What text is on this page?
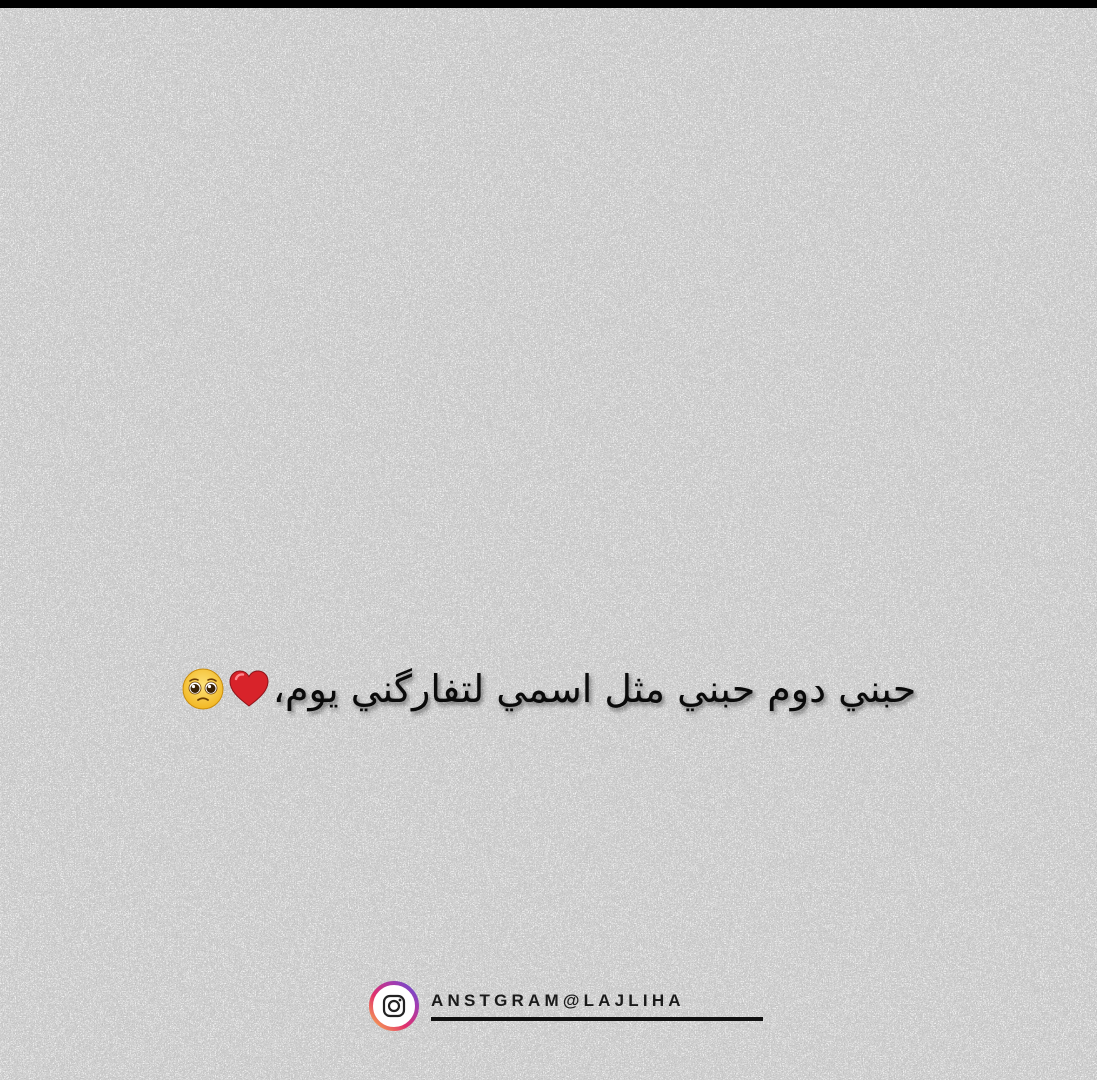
حبني دوم حبني مثل اسمي لتفارگني يوم،
ANSTGRAM@LAJLIHA
